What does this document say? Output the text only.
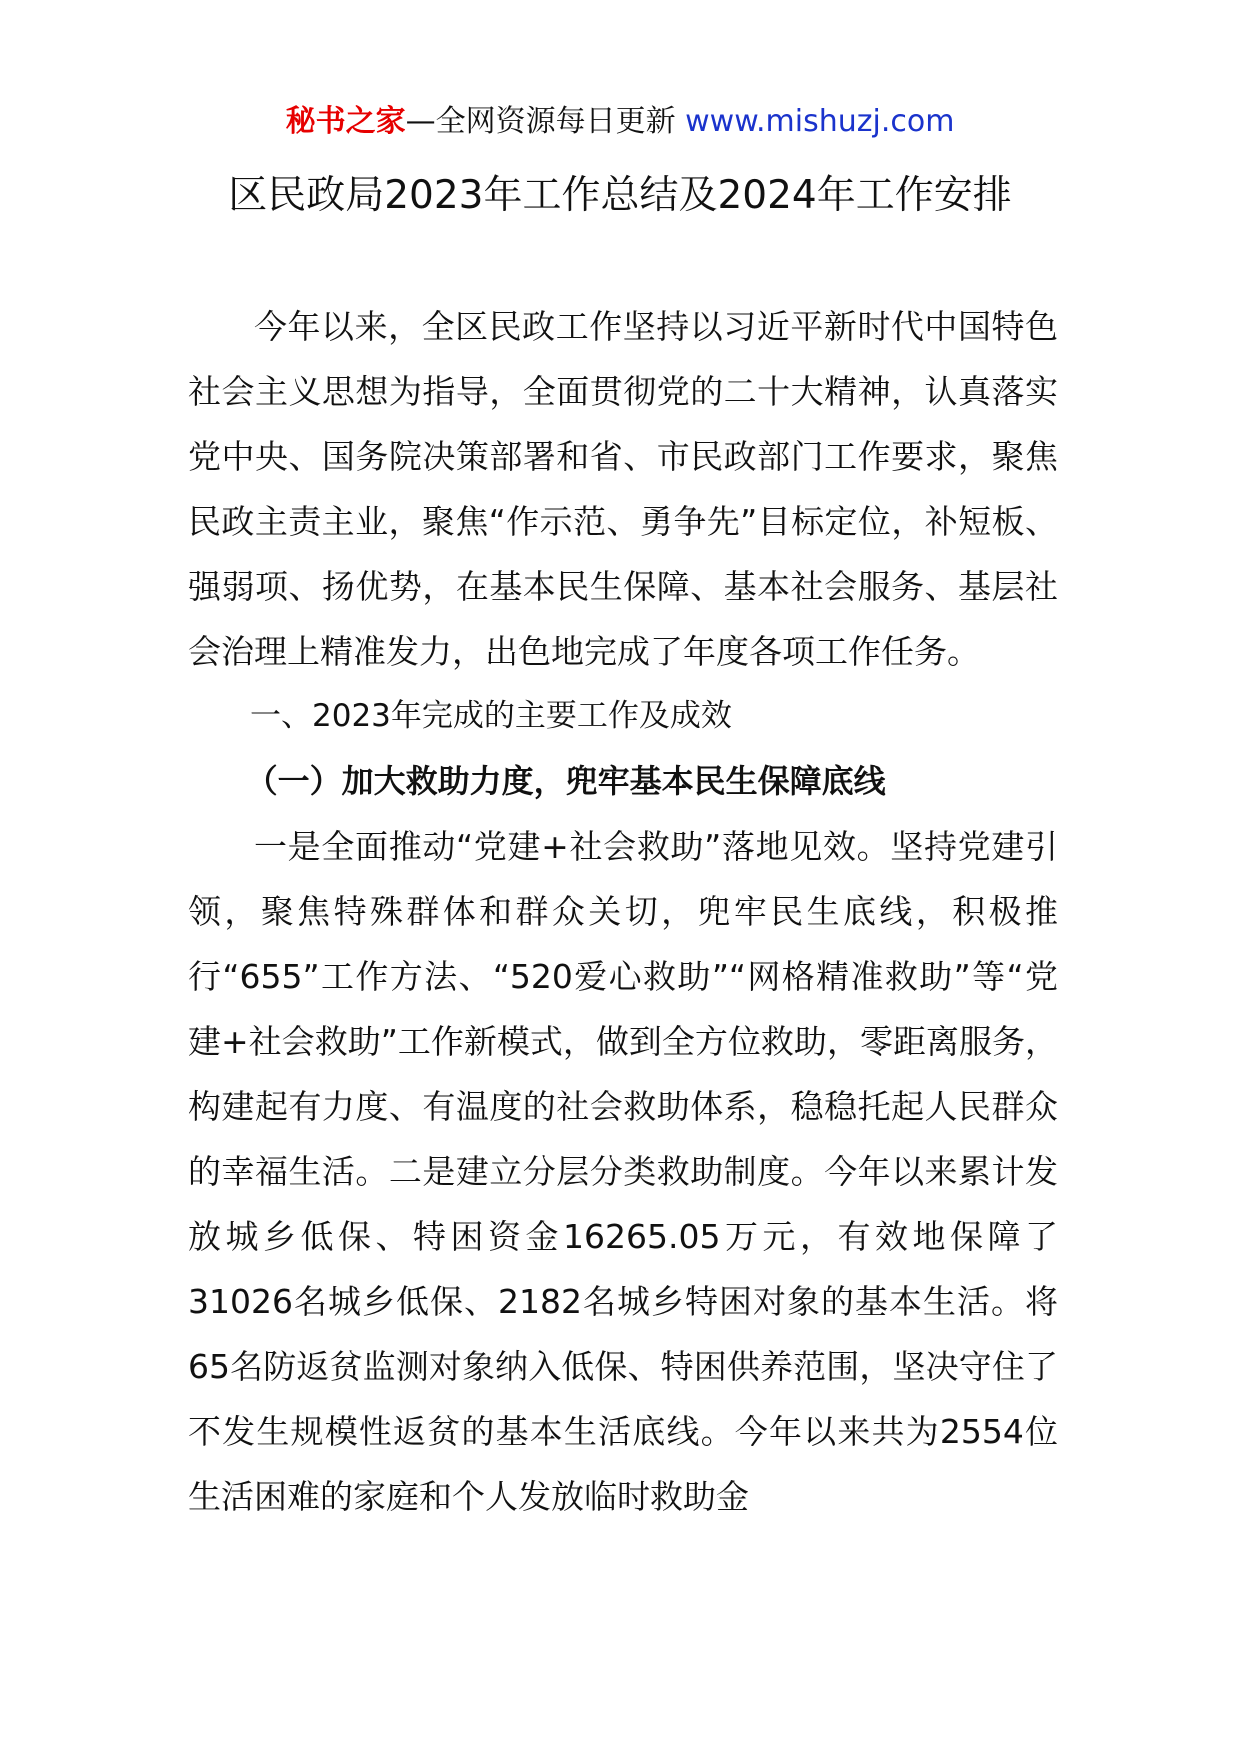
秘书之家—全网资源每日更新 www.mishuzj.com
区民政局2023年工作总结及2024年工作安排

今年以来，全区民政工作坚持以习近平新时代中国特色社会主义思想为指导，全面贯彻党的二十大精神，认真落实党中央、国务院决策部署和省、市民政部门工作要求，聚焦民政主责主业，聚焦“作示范、勇争先”目标定位，补短板、强弱项、扬优势，在基本民生保障、基本社会服务、基层社会治理上精准发力，出色地完成了年度各项工作任务。

一、2023年完成的主要工作及成效

（一）加大救助力度，兜牢基本民生保障底线

一是全面推动“党建+社会救助”落地见效。坚持党建引领，聚焦特殊群体和群众关切，兜牢民生底线，积极推行“655”工作方法、“520爱心救助”“网格精准救助”等“党建+社会救助”工作新模式，做到全方位救助，零距离服务，构建起有力度、有温度的社会救助体系，稳稳托起人民群众的幸福生活。二是建立分层分类救助制度。今年以来累计发放城乡低保、特困资金16265.05万元，有效地保障了31026名城乡低保、2182名城乡特困对象的基本生活。将65名防返贫监测对象纳入低保、特困供养范围，坚决守住了不发生规模性返贫的基本生活底线。今年以来共为2554位生活困难的家庭和个人发放临时救助金
